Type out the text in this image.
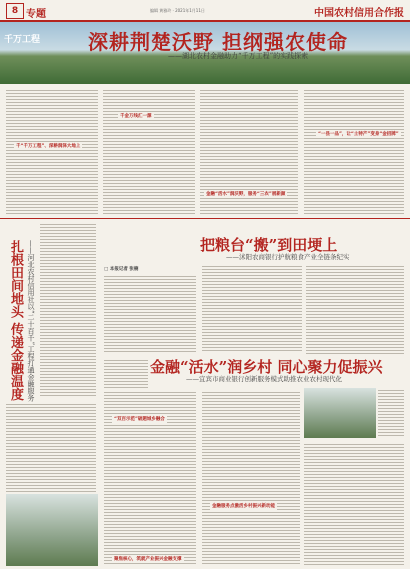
8 专题	编辑 黄雅玲 · 2021年1月11日	中国农村信用合作报
千万工程 深耕荆楚沃野 担纲强农使命
——湖北农村金融助力“千万工程”的实践探索
千“千万工程”、深耕润泽大地上
千金万线汇一源
金融“活水”润沃野，服务“三农”展新颜
“一县一品”，让“土特产”变身“金招牌”
扎根田间地头 传递金融温度 ——河北农村信用社以“二十百千”工程打通金融服务	把粮台“搬”到田埂上
——沭阳农商银行护航粮食产业全链条纪实
□ 本报记者 张楠
金融“活水”润乡村 同心聚力促振兴
——宜宾市商业银行创新服务模式助推农业农村现代化
“双百示范”破题城乡融合
金融服务点激活乡村振兴新动能
聚焦核心，筑就产业振兴金融支撑
